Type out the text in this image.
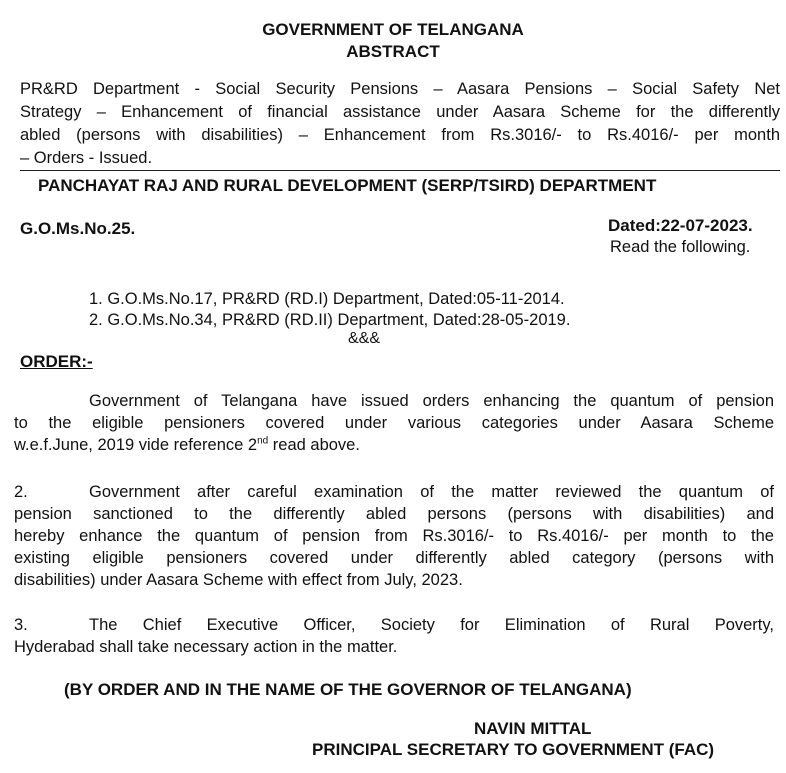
GOVERNMENT OF TELANGANA
ABSTRACT
PR&RD Department - Social Security Pensions – Aasara Pensions – Social Safety Net
Strategy – Enhancement of financial assistance under Aasara Scheme for the differently
abled (persons with disabilities) – Enhancement from Rs.3016/- to Rs.4016/- per month
– Orders - Issued.
PANCHAYAT RAJ AND RURAL DEVELOPMENT (SERP/TSIRD) DEPARTMENT
G.O.Ms.No.25.	Dated:22-07-2023.
Read the following.
1. G.O.Ms.No.17, PR&RD (RD.I) Department, Dated:05-11-2014.
2. G.O.Ms.No.34, PR&RD (RD.II) Department, Dated:28-05-2019.
&&&
ORDER:-
Government of Telangana have issued orders enhancing the quantum of pension
to the eligible pensioners covered under various categories under Aasara Scheme
w.e.f.June, 2019 vide reference 2nd read above.
2.	Government after careful examination of the matter reviewed the quantum of
pension sanctioned to the differently abled persons (persons with disabilities) and
hereby enhance the quantum of pension from Rs.3016/- to Rs.4016/- per month to the
existing eligible pensioners covered under differently abled category (persons with
disabilities) under Aasara Scheme with effect from July, 2023.
3.	The Chief Executive Officer, Society for Elimination of Rural Poverty,
Hyderabad shall take necessary action in the matter.
(BY ORDER AND IN THE NAME OF THE GOVERNOR OF TELANGANA)
NAVIN MITTAL
PRINCIPAL SECRETARY TO GOVERNMENT (FAC)
